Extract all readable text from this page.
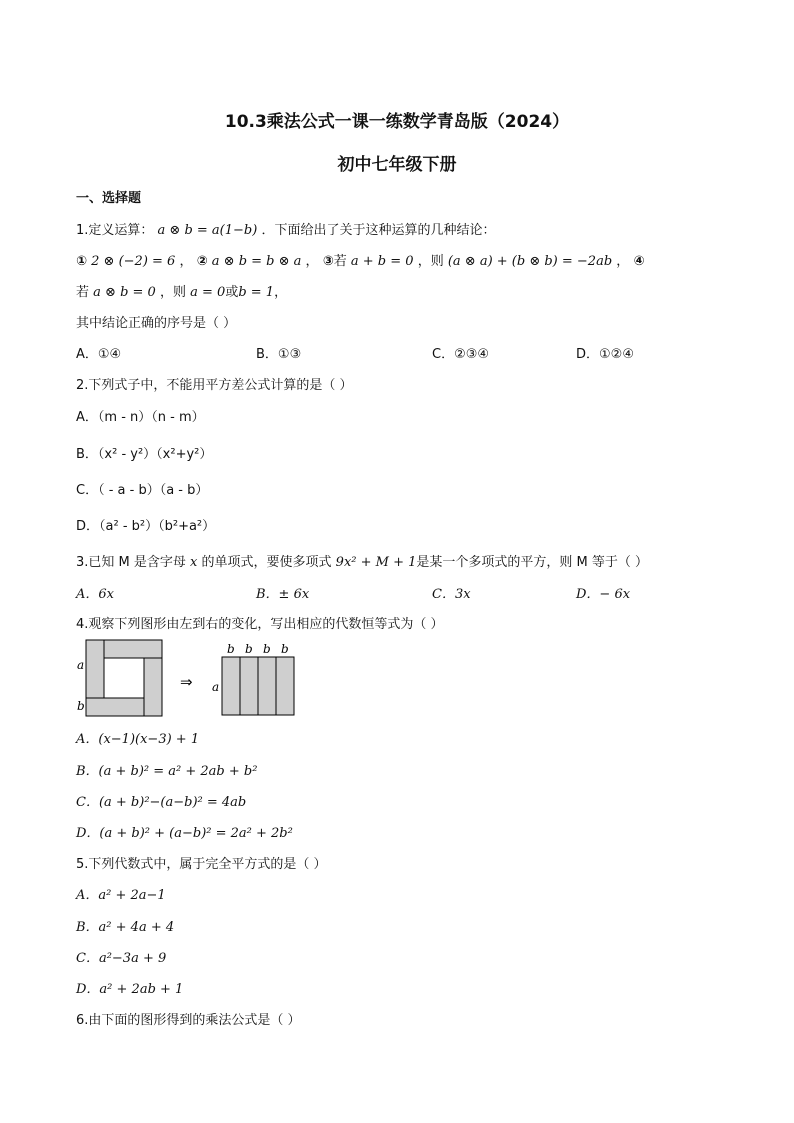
10.3乘法公式一课一练数学青岛版（2024）
初中七年级下册
一、选择题
1.定义运算： a ⊗ b = a(1−b) ．下面给出了关于这种运算的几种结论：
① 2 ⊗ (−2) = 6 ， ② a ⊗ b = b ⊗ a ， ③若 a + b = 0 ，则 (a ⊗ a) + (b ⊗ b) = −2ab ， ④
若 a ⊗ b = 0 ，则 a = 0或b = 1，
其中结论正确的序号是（ ）
A．①④	B．①③	C．②③④	D．①②④
2.下列式子中，不能用平方差公式计算的是（ ）
A．（m - n）（n - m）
B．（x² - y²）（x²+y²）
C．（ - a - b）（a - b）
D．（a² - b²）（b²+a²）
3.已知 M 是含字母 x 的单项式，要使多项式 9x² + M + 1是某一个多项式的平方，则 M 等于（ ）
A．6x	B．± 6x	C．3x	D．− 6x
4.观察下列图形由左到右的变化，写出相应的代数恒等式为（ ）
a
b
⇒
b b b b
a
A．(x−1)(x−3) + 1
B．(a + b)² = a² + 2ab + b²
C．(a + b)²−(a−b)² = 4ab
D．(a + b)² + (a−b)² = 2a² + 2b²
5.下列代数式中，属于完全平方式的是（ ）
A．a² + 2a−1
B．a² + 4a + 4
C．a²−3a + 9
D．a² + 2ab + 1
6.由下面的图形得到的乘法公式是（ ）
